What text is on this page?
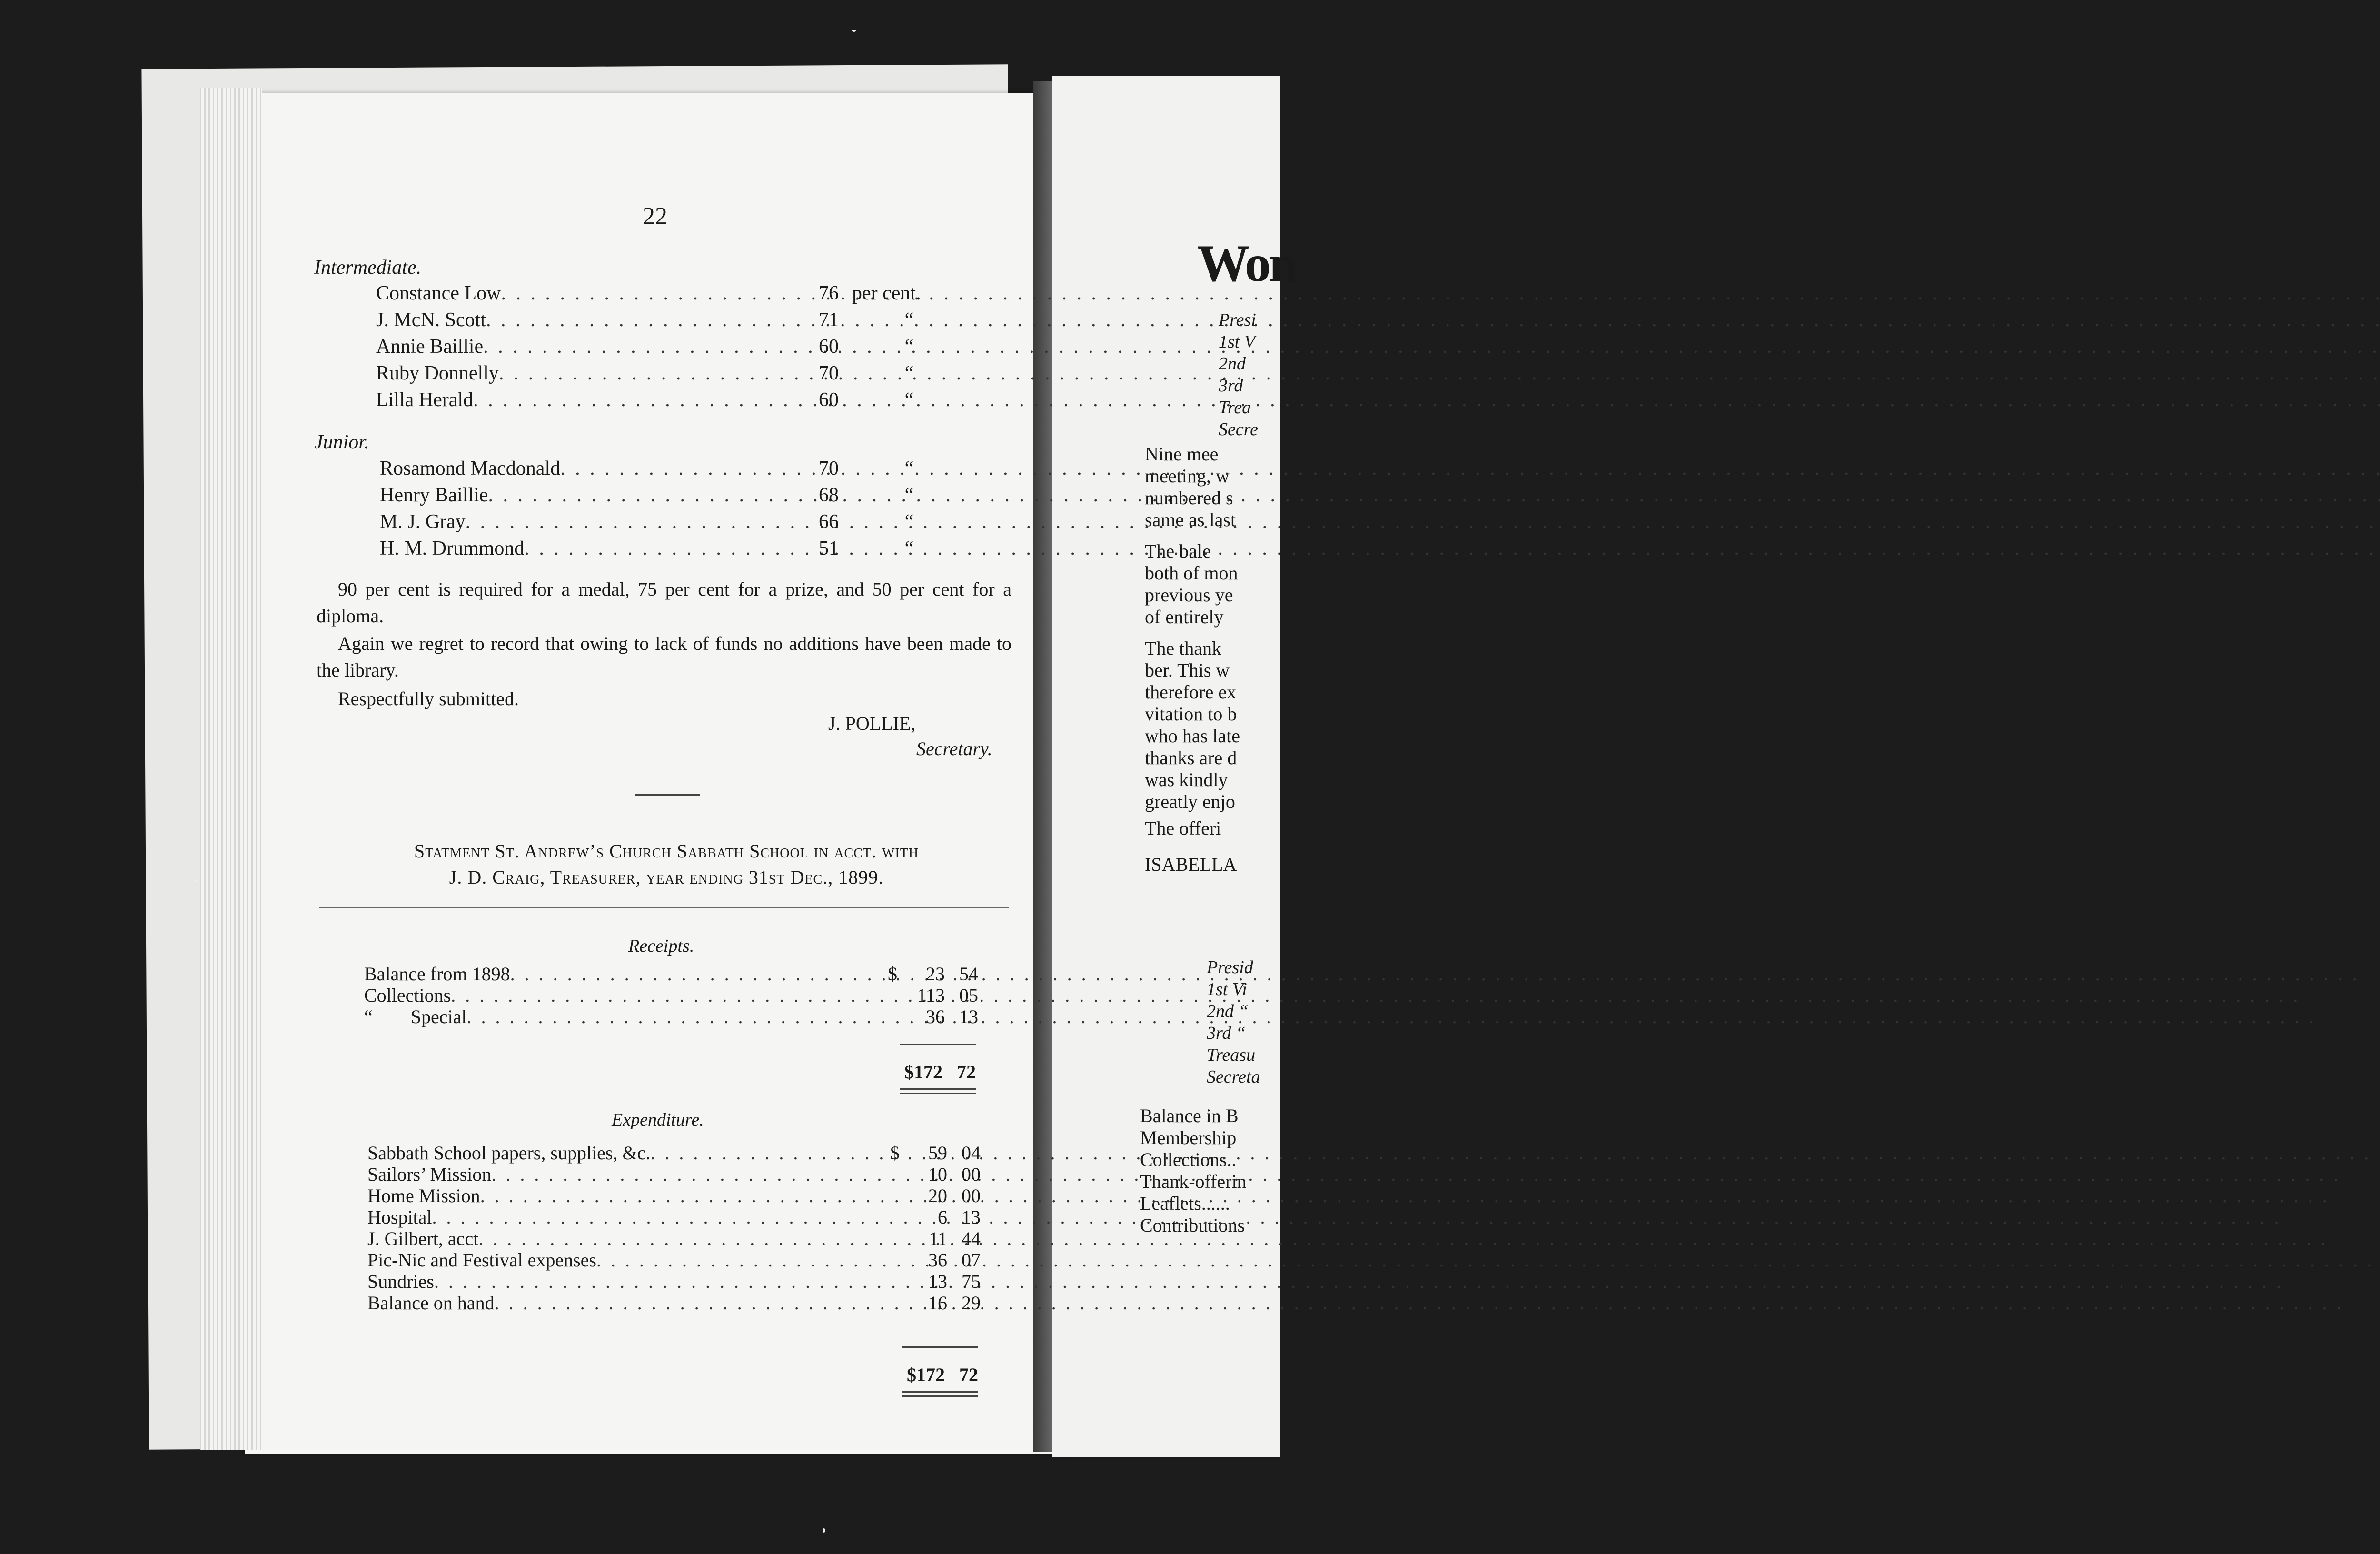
Won
Presi
1st V
2nd
3rd
Trea
Secre
Nine mee
meeting, w
numbered s
same as last
The bale
both of mon
previous ye
of entirely
The thank
ber. This w
therefore ex
vitation to b
who has late
thanks are d
was kindly
greatly enjo
The offeri
ISABELLA
Presid
1st Vi
2nd “
3rd “
Treasu
Secreta
Balance in B
Membership
Collections..
Thank-offerin
Leaflets......
Contributions
22
Intermediate.
Constance Low . . .	76 per cent.
J. McN. Scott . . .	71	“
Annie Baillie . . .	60	“
Ruby Donnelly . . .	70	“
Lilla Herald . . .	60	“
Junior.
Rosamond Macdonald . . .	70	“
Henry Baillie . . .	68	“
M. J. Gray . . .	66	“
H. M. Drummond . . .	51	“
90 per cent is required for a medal, 75 per cent for a prize, and 50 per cent for a diploma.
Again we regret to record that owing to lack of funds no additions have been made to the library.
Respectfully submitted.
J. POLLIE,
Secretary.
Statment St. Andrew’s Church Sabbath School in acct. with
J. D. Craig, Treasurer, year ending 31st Dec., 1899.
Receipts.
Balance from 1898 . . .	$	23 54
Collections . . .	113 05
“        Special . . .	36 13
$172 72
Expenditure.
Sabbath School papers, supplies, &c. . . .	$	59 04
Sailors’ Mission . . .	10 00
Home Mission . . .	20 00
Hospital . . .	6 13
J. Gilbert, acct . . .	11 44
Pic-Nic and Festival expenses . . .	36 07
Sundries . . .	13 75
Balance on hand . . .	16 29
$172 72
